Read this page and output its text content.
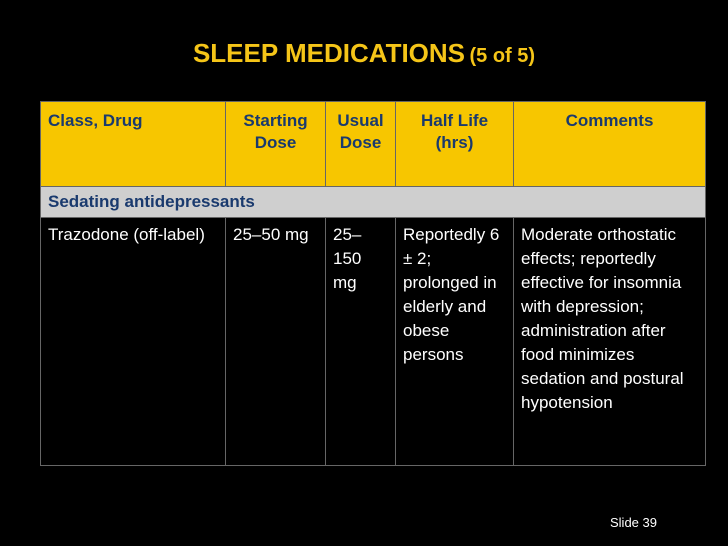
SLEEP MEDICATIONS (5 of 5)
Class, Drug	Starting Dose	Usual Dose	Half Life (hrs)	Comments
Sedating antidepressants				
Trazodone (off-label)	25–50 mg	25–150 mg	Reportedly 6 ± 2; prolonged in elderly and obese persons	Moderate orthostatic effects; reportedly effective for insomnia with depression; administration after food minimizes sedation and postural hypotension
Slide 39
